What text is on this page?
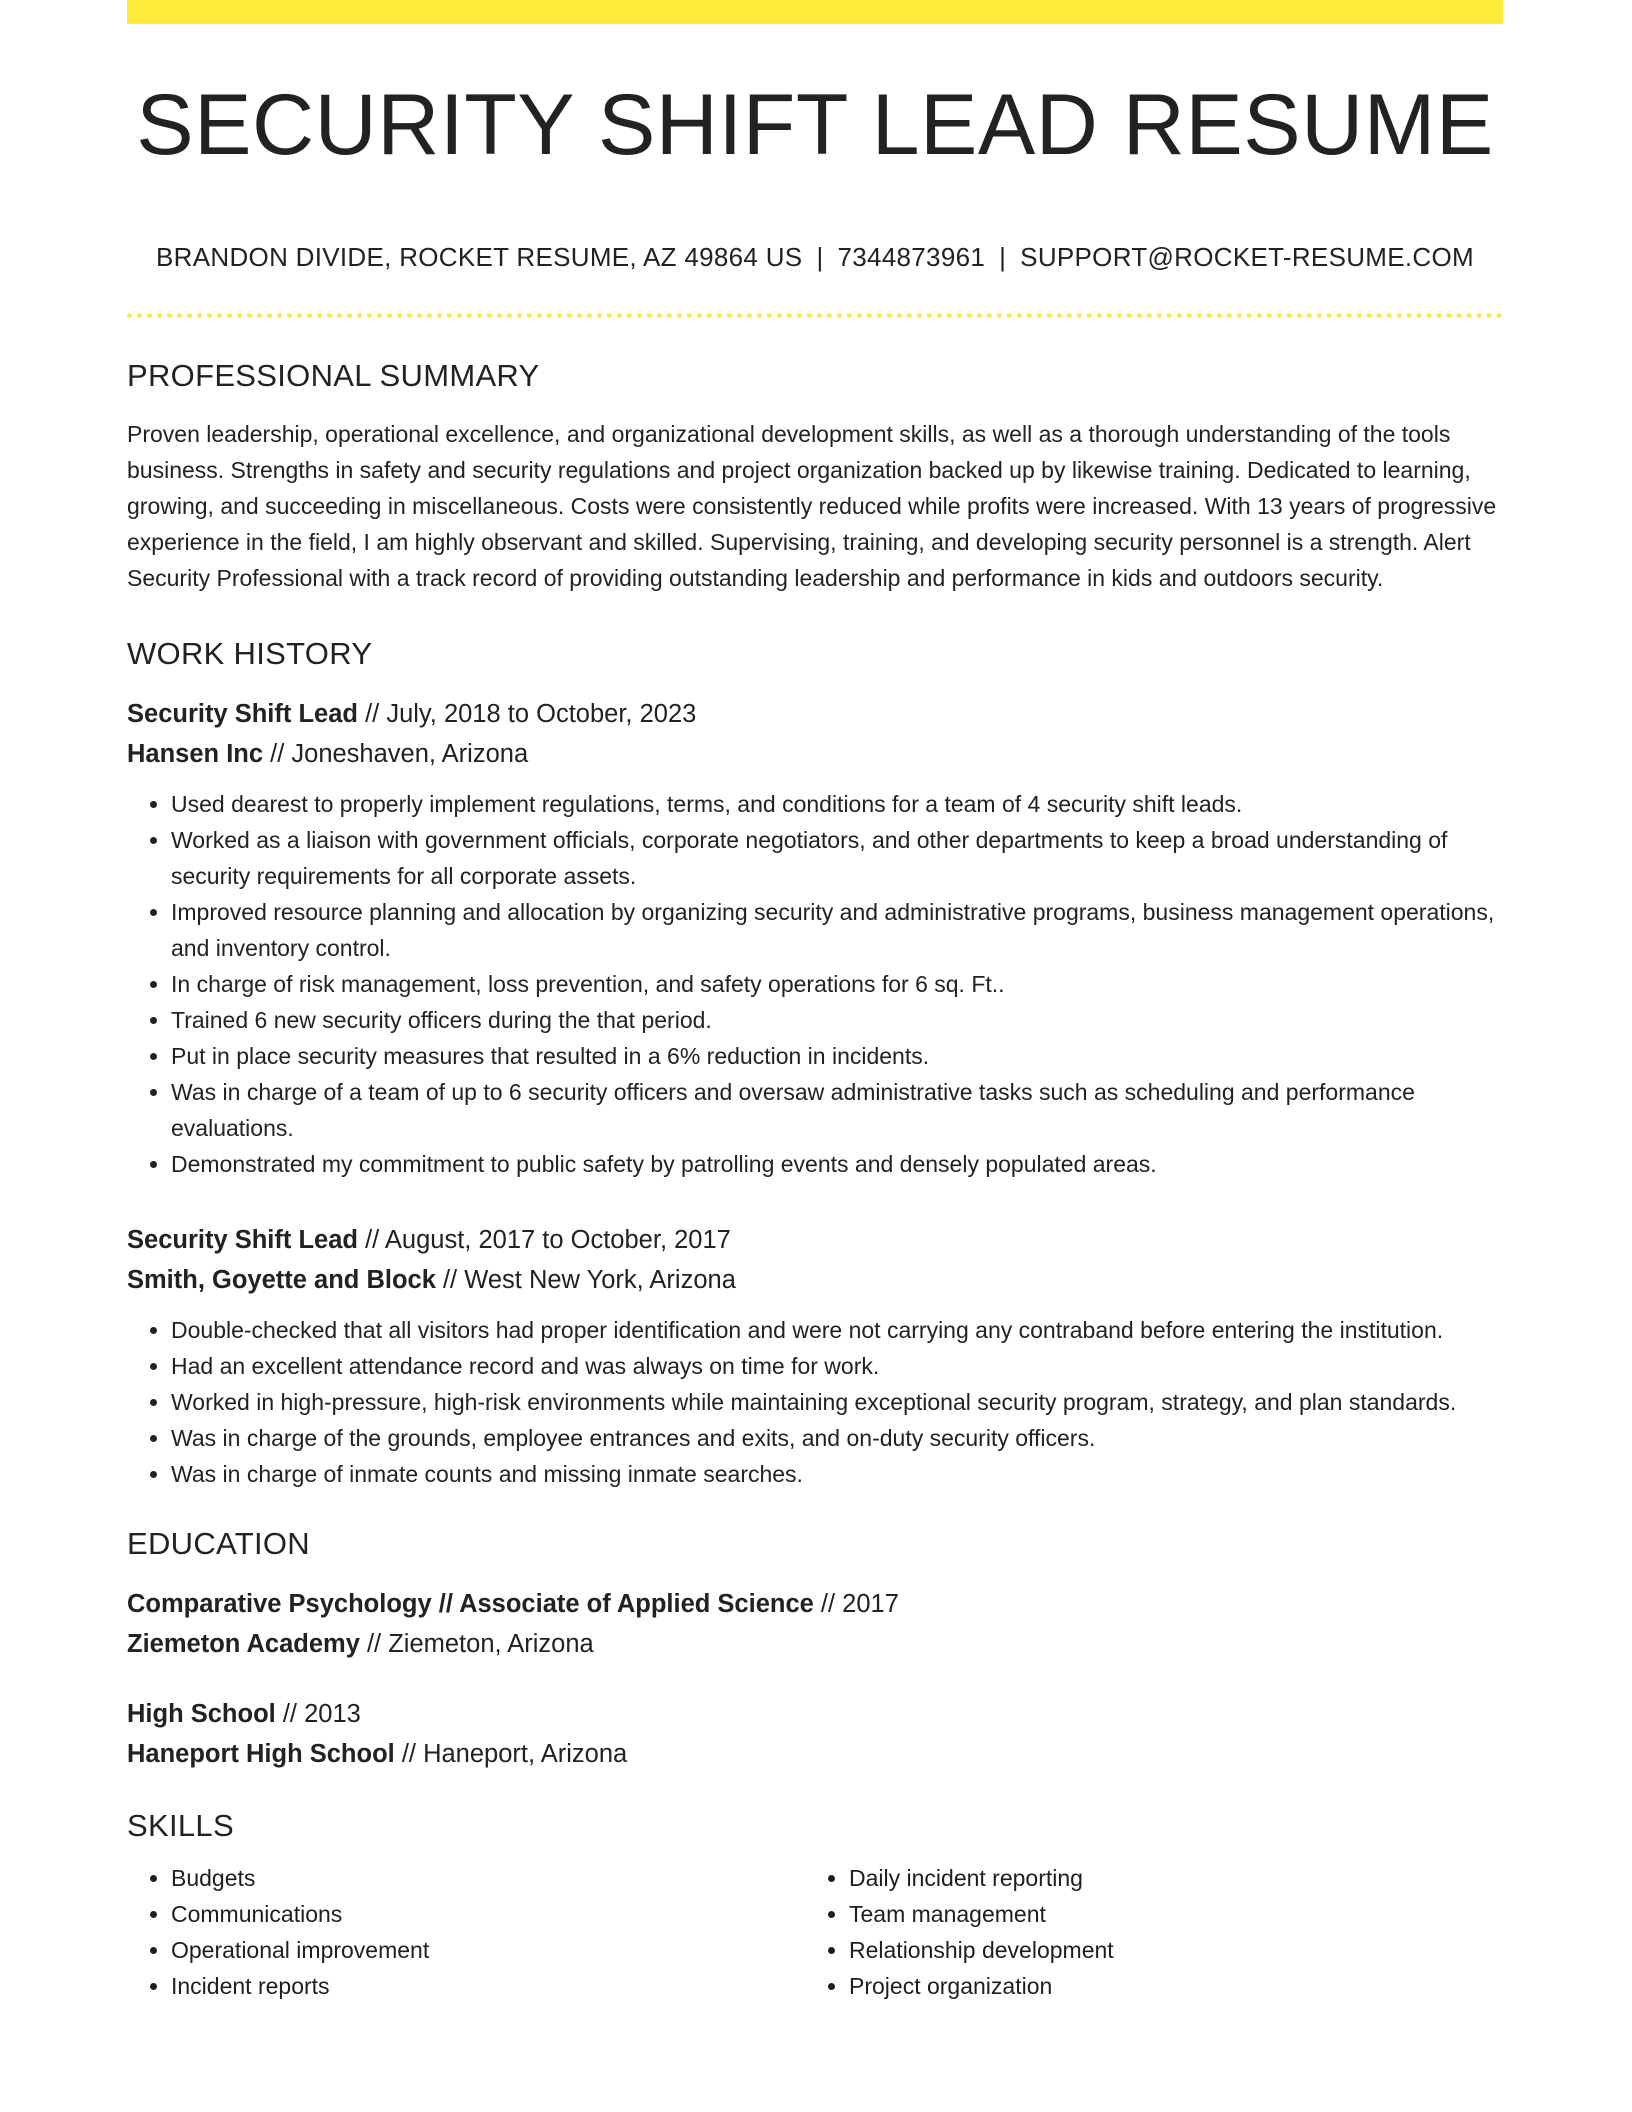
SECURITY SHIFT LEAD RESUME
BRANDON DIVIDE, ROCKET RESUME, AZ 49864 US | 7344873961 | SUPPORT@ROCKET-RESUME.COM
PROFESSIONAL SUMMARY

Proven leadership, operational excellence, and organizational development skills, as well as a thorough understanding of the tools business. Strengths in safety and security regulations and project organization backed up by likewise training. Dedicated to learning, growing, and succeeding in miscellaneous. Costs were consistently reduced while profits were increased. With 13 years of progressive experience in the field, I am highly observant and skilled. Supervising, training, and developing security personnel is a strength. Alert Security Professional with a track record of providing outstanding leadership and performance in kids and outdoors security.

WORK HISTORY
Security Shift Lead // July, 2018 to October, 2023
Hansen Inc // Joneshaven, Arizona
• Used dearest to properly implement regulations, terms, and conditions for a team of 4 security shift leads.
• Worked as a liaison with government officials, corporate negotiators, and other departments to keep a broad understanding of security requirements for all corporate assets.
• Improved resource planning and allocation by organizing security and administrative programs, business management operations, and inventory control.
• In charge of risk management, loss prevention, and safety operations for 6 sq. Ft..
• Trained 6 new security officers during the that period.
• Put in place security measures that resulted in a 6% reduction in incidents.
• Was in charge of a team of up to 6 security officers and oversaw administrative tasks such as scheduling and performance evaluations.
• Demonstrated my commitment to public safety by patrolling events and densely populated areas.
Security Shift Lead // August, 2017 to October, 2017
Smith, Goyette and Block // West New York, Arizona
• Double-checked that all visitors had proper identification and were not carrying any contraband before entering the institution.
• Had an excellent attendance record and was always on time for work.
• Worked in high-pressure, high-risk environments while maintaining exceptional security program, strategy, and plan standards.
• Was in charge of the grounds, employee entrances and exits, and on-duty security officers.
• Was in charge of inmate counts and missing inmate searches.
EDUCATION
Comparative Psychology // Associate of Applied Science // 2017
Ziemeton Academy // Ziemeton, Arizona
High School // 2013
Haneport High School // Haneport, Arizona
SKILLS
• Budgets
• Communications
• Operational improvement
• Incident reports
• Daily incident reporting
• Team management
• Relationship development
• Project organization
